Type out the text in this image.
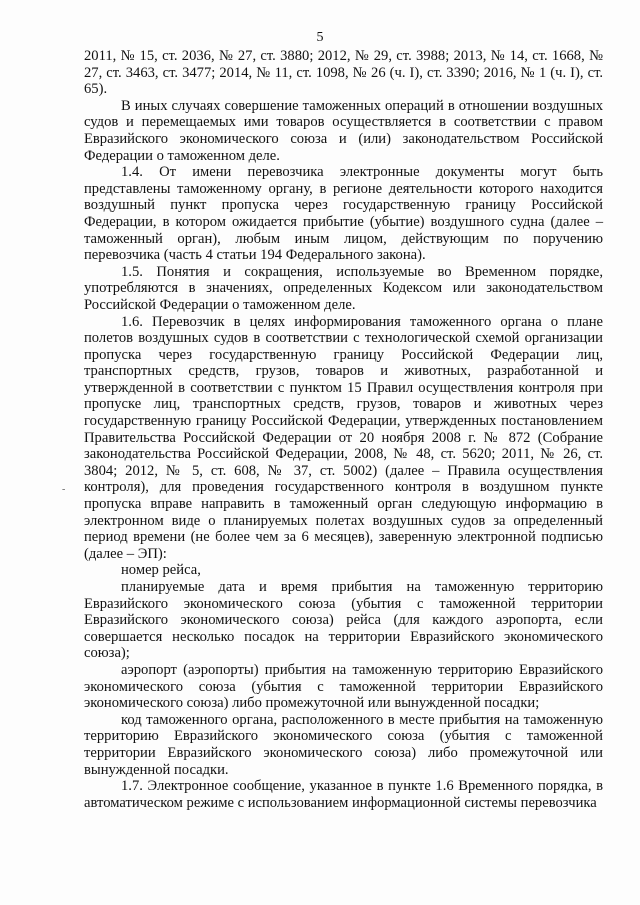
5
-

2011, № 15, ст. 2036, № 27, ст. 3880; 2012, № 29, ст. 3988; 2013, № 14, ст. 1668, № 27, ст. 3463, ст. 3477; 2014, № 11, ст. 1098, № 26 (ч. I), ст. 3390; 2016, № 1 (ч. I), ст. 65).

В иных случаях совершение таможенных операций в отношении воздушных судов и перемещаемых ими товаров осуществляется в соответствии с правом Евразийского экономического союза и (или) законодательством Российской Федерации о таможенном деле.

1.4. От имени перевозчика электронные документы могут быть представлены таможенному органу, в регионе деятельности которого находится воздушный пункт пропуска через государственную границу Российской Федерации, в котором ожидается прибытие (убытие) воздушного судна (далее – таможенный орган), любым иным лицом, действующим по поручению перевозчика (часть 4 статьи 194 Федерального закона).

1.5. Понятия и сокращения, используемые во Временном порядке, употребляются в значениях, определенных Кодексом или законодательством Российской Федерации о таможенном деле.

1.6. Перевозчик в целях информирования таможенного органа о плане полетов воздушных судов в соответствии с технологической схемой организации пропуска через государственную границу Российской Федерации лиц, транспортных средств, грузов, товаров и животных, разработанной и утвержденной в соответствии с пунктом 15 Правил осуществления контроля при пропуске лиц, транспортных средств, грузов, товаров и животных через государственную границу Российской Федерации, утвержденных постановлением Правительства Российской Федерации от 20 ноября 2008 г. № 872 (Собрание законодательства Российской Федерации, 2008, № 48, ст. 5620; 2011, № 26, ст. 3804; 2012, № 5, ст. 608, № 37, ст. 5002) (далее – Правила осуществления контроля), для проведения государственного контроля в воздушном пункте пропуска вправе направить в таможенный орган следующую информацию в электронном виде о планируемых полетах воздушных судов за определенный период времени (не более чем за 6 месяцев), заверенную электронной подписью (далее – ЭП):

номер рейса,

планируемые дата и время прибытия на таможенную территорию Евразийского экономического союза (убытия с таможенной территории Евразийского экономического союза) рейса (для каждого аэропорта, если совершается несколько посадок на территории Евразийского экономического союза);

аэропорт (аэропорты) прибытия на таможенную территорию Евразийского экономического союза (убытия с таможенной территории Евразийского экономического союза) либо промежуточной или вынужденной посадки;

код таможенного органа, расположенного в месте прибытия на таможенную территорию Евразийского экономического союза (убытия с таможенной территории Евразийского экономического союза) либо промежуточной или вынужденной посадки.

1.7. Электронное сообщение, указанное в пункте 1.6 Временного порядка, в автоматическом режиме с использованием информационной системы перевозчика
